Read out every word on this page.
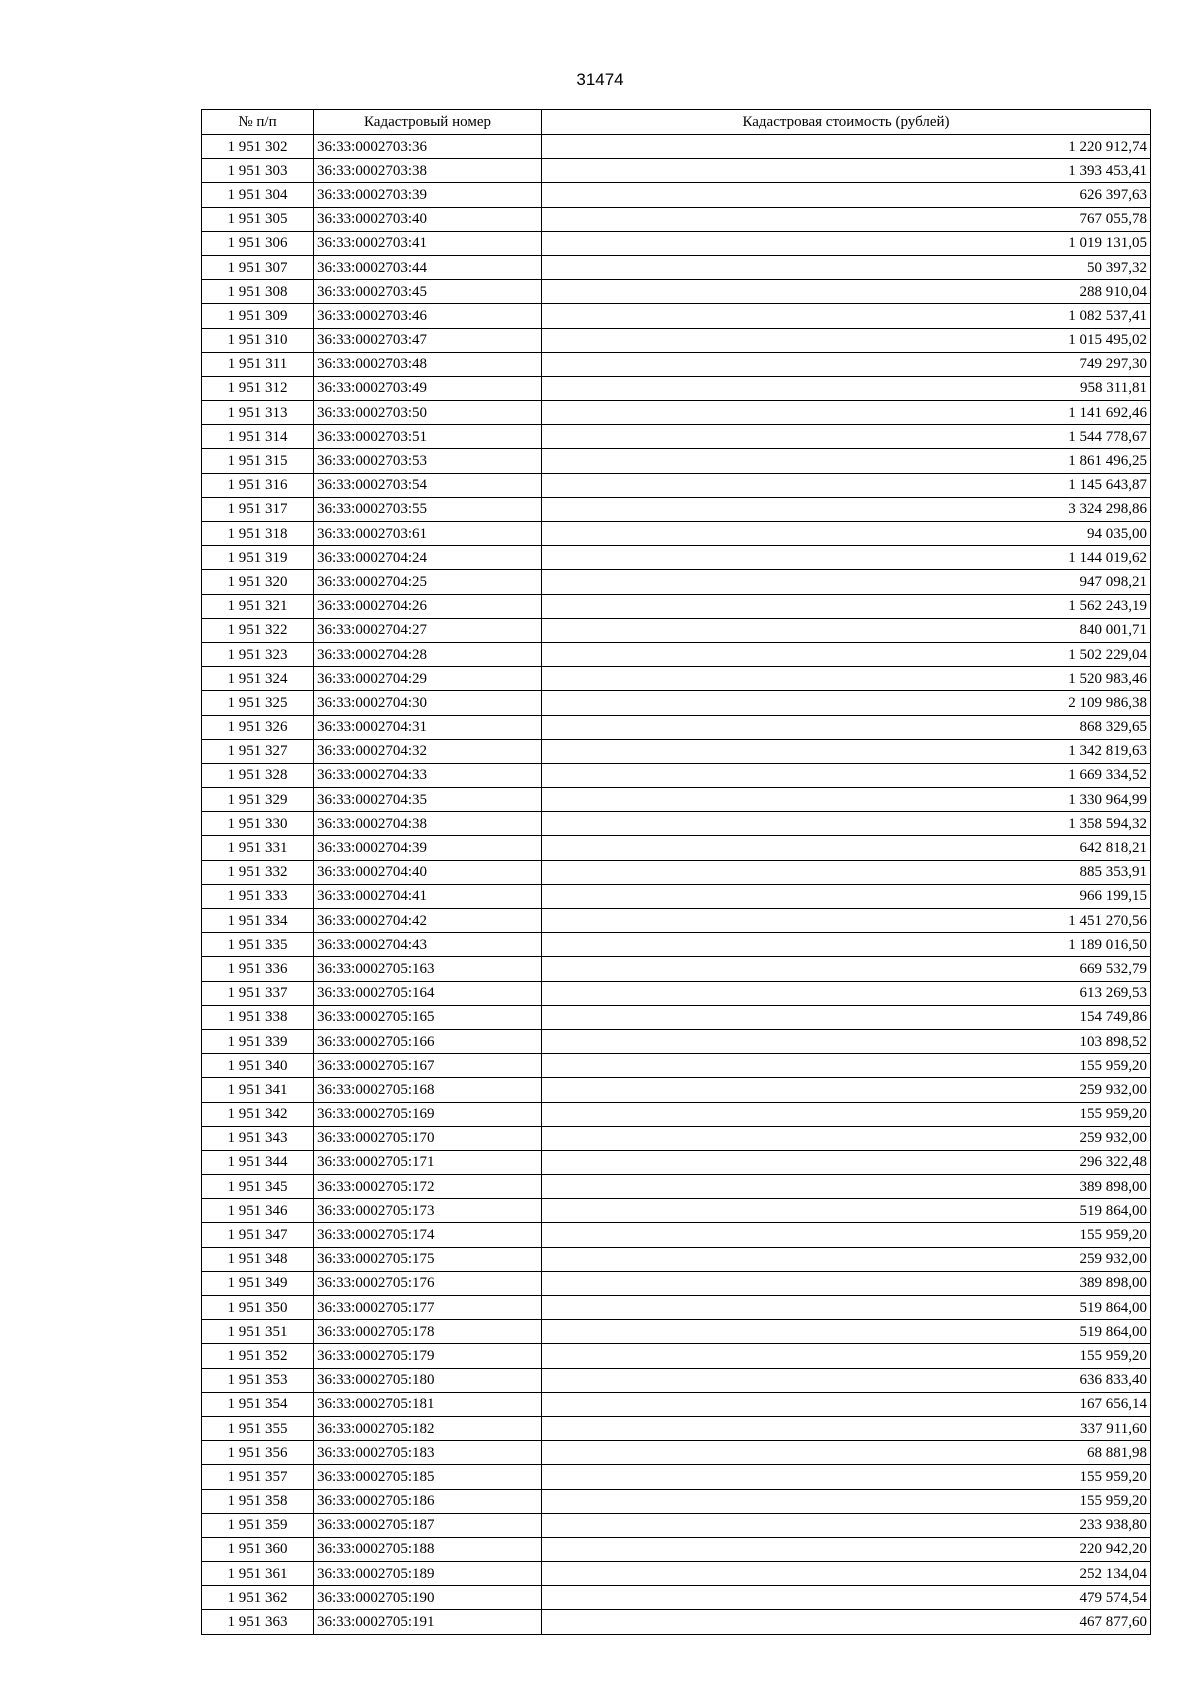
31474
№ п/п	Кадастровый номер	Кадастровая стоимость (рублей)
1 951 302	36:33:0002703:36	1 220 912,74
1 951 303	36:33:0002703:38	1 393 453,41
1 951 304	36:33:0002703:39	626 397,63
1 951 305	36:33:0002703:40	767 055,78
1 951 306	36:33:0002703:41	1 019 131,05
1 951 307	36:33:0002703:44	50 397,32
1 951 308	36:33:0002703:45	288 910,04
1 951 309	36:33:0002703:46	1 082 537,41
1 951 310	36:33:0002703:47	1 015 495,02
1 951 311	36:33:0002703:48	749 297,30
1 951 312	36:33:0002703:49	958 311,81
1 951 313	36:33:0002703:50	1 141 692,46
1 951 314	36:33:0002703:51	1 544 778,67
1 951 315	36:33:0002703:53	1 861 496,25
1 951 316	36:33:0002703:54	1 145 643,87
1 951 317	36:33:0002703:55	3 324 298,86
1 951 318	36:33:0002703:61	94 035,00
1 951 319	36:33:0002704:24	1 144 019,62
1 951 320	36:33:0002704:25	947 098,21
1 951 321	36:33:0002704:26	1 562 243,19
1 951 322	36:33:0002704:27	840 001,71
1 951 323	36:33:0002704:28	1 502 229,04
1 951 324	36:33:0002704:29	1 520 983,46
1 951 325	36:33:0002704:30	2 109 986,38
1 951 326	36:33:0002704:31	868 329,65
1 951 327	36:33:0002704:32	1 342 819,63
1 951 328	36:33:0002704:33	1 669 334,52
1 951 329	36:33:0002704:35	1 330 964,99
1 951 330	36:33:0002704:38	1 358 594,32
1 951 331	36:33:0002704:39	642 818,21
1 951 332	36:33:0002704:40	885 353,91
1 951 333	36:33:0002704:41	966 199,15
1 951 334	36:33:0002704:42	1 451 270,56
1 951 335	36:33:0002704:43	1 189 016,50
1 951 336	36:33:0002705:163	669 532,79
1 951 337	36:33:0002705:164	613 269,53
1 951 338	36:33:0002705:165	154 749,86
1 951 339	36:33:0002705:166	103 898,52
1 951 340	36:33:0002705:167	155 959,20
1 951 341	36:33:0002705:168	259 932,00
1 951 342	36:33:0002705:169	155 959,20
1 951 343	36:33:0002705:170	259 932,00
1 951 344	36:33:0002705:171	296 322,48
1 951 345	36:33:0002705:172	389 898,00
1 951 346	36:33:0002705:173	519 864,00
1 951 347	36:33:0002705:174	155 959,20
1 951 348	36:33:0002705:175	259 932,00
1 951 349	36:33:0002705:176	389 898,00
1 951 350	36:33:0002705:177	519 864,00
1 951 351	36:33:0002705:178	519 864,00
1 951 352	36:33:0002705:179	155 959,20
1 951 353	36:33:0002705:180	636 833,40
1 951 354	36:33:0002705:181	167 656,14
1 951 355	36:33:0002705:182	337 911,60
1 951 356	36:33:0002705:183	68 881,98
1 951 357	36:33:0002705:185	155 959,20
1 951 358	36:33:0002705:186	155 959,20
1 951 359	36:33:0002705:187	233 938,80
1 951 360	36:33:0002705:188	220 942,20
1 951 361	36:33:0002705:189	252 134,04
1 951 362	36:33:0002705:190	479 574,54
1 951 363	36:33:0002705:191	467 877,60
